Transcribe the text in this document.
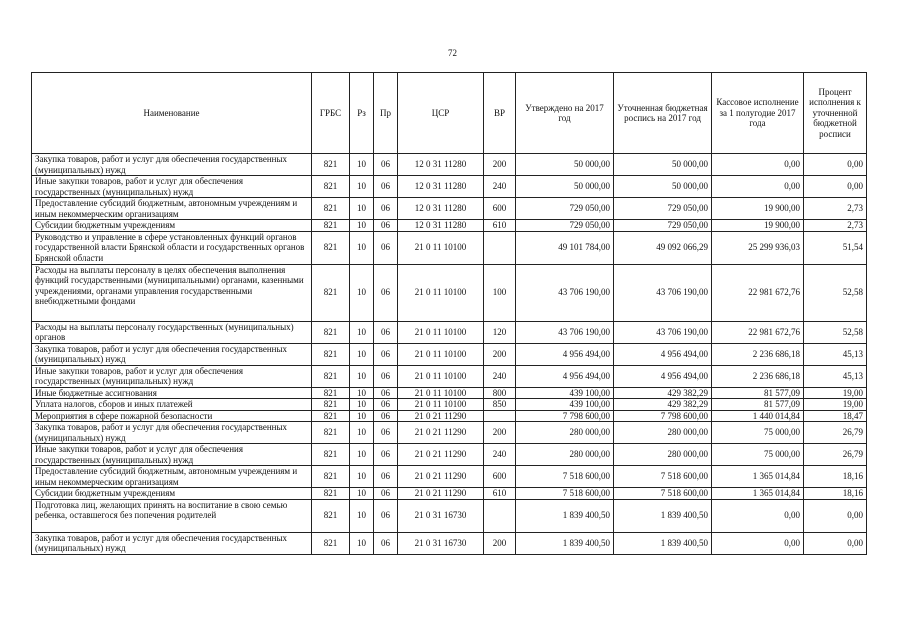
72
Наименование	ГРБС	Рз	Пр	ЦСР	ВР	Утверждено на 2017 год	Уточненная бюджетная роспись на 2017 год	Кассовое исполнение за 1 полугодие 2017 года	Процент исполнения к уточненной бюджетной росписи
Закупка товаров, работ и услуг для обеспечения государственных (муниципальных) нужд	821	10	06	12 0 31 11280	200	50 000,00	50 000,00	0,00	0,00
Иные закупки товаров, работ и услуг для обеспечения государственных (муниципальных) нужд	821	10	06	12 0 31 11280	240	50 000,00	50 000,00	0,00	0,00
Предоставление субсидий бюджетным, автономным учреждениям и иным некоммерческим организациям	821	10	06	12 0 31 11280	600	729 050,00	729 050,00	19 900,00	2,73
Субсидии бюджетным учреждениям	821	10	06	12 0 31 11280	610	729 050,00	729 050,00	19 900,00	2,73
Руководство и управление в сфере установленных функций органов государственной власти Брянской области и государственных органов Брянской области	821	10	06	21 0 11 10100		49 101 784,00	49 092 066,29	25 299 936,03	51,54
Расходы на выплаты персоналу в целях обеспечения выполнения функций государственными (муниципальными) органами, казенными учреждениями, органами управления государственными внебюджетными фондами	821	10	06	21 0 11 10100	100	43 706 190,00	43 706 190,00	22 981 672,76	52,58
Расходы на выплаты персоналу государственных (муниципальных) органов	821	10	06	21 0 11 10100	120	43 706 190,00	43 706 190,00	22 981 672,76	52,58
Закупка товаров, работ и услуг для обеспечения государственных (муниципальных) нужд	821	10	06	21 0 11 10100	200	4 956 494,00	4 956 494,00	2 236 686,18	45,13
Иные закупки товаров, работ и услуг для обеспечения государственных (муниципальных) нужд	821	10	06	21 0 11 10100	240	4 956 494,00	4 956 494,00	2 236 686,18	45,13
Иные бюджетные ассигнования	821	10	06	21 0 11 10100	800	439 100,00	429 382,29	81 577,09	19,00
Уплата налогов, сборов и иных платежей	821	10	06	21 0 11 10100	850	439 100,00	429 382,29	81 577,09	19,00
Мероприятия в сфере пожарной безопасности	821	10	06	21 0 21 11290		7 798 600,00	7 798 600,00	1 440 014,84	18,47
Закупка товаров, работ и услуг для обеспечения государственных (муниципальных) нужд	821	10	06	21 0 21 11290	200	280 000,00	280 000,00	75 000,00	26,79
Иные закупки товаров, работ и услуг для обеспечения государственных (муниципальных) нужд	821	10	06	21 0 21 11290	240	280 000,00	280 000,00	75 000,00	26,79
Предоставление субсидий бюджетным, автономным учреждениям и иным некоммерческим организациям	821	10	06	21 0 21 11290	600	7 518 600,00	7 518 600,00	1 365 014,84	18,16
Субсидии бюджетным учреждениям	821	10	06	21 0 21 11290	610	7 518 600,00	7 518 600,00	1 365 014,84	18,16
Подготовка лиц, желающих принять на воспитание в свою семью ребенка, оставшегося без попечения родителей	821	10	06	21 0 31 16730		1 839 400,50	1 839 400,50	0,00	0,00
Закупка товаров, работ и услуг для обеспечения государственных (муниципальных) нужд	821	10	06	21 0 31 16730	200	1 839 400,50	1 839 400,50	0,00	0,00
